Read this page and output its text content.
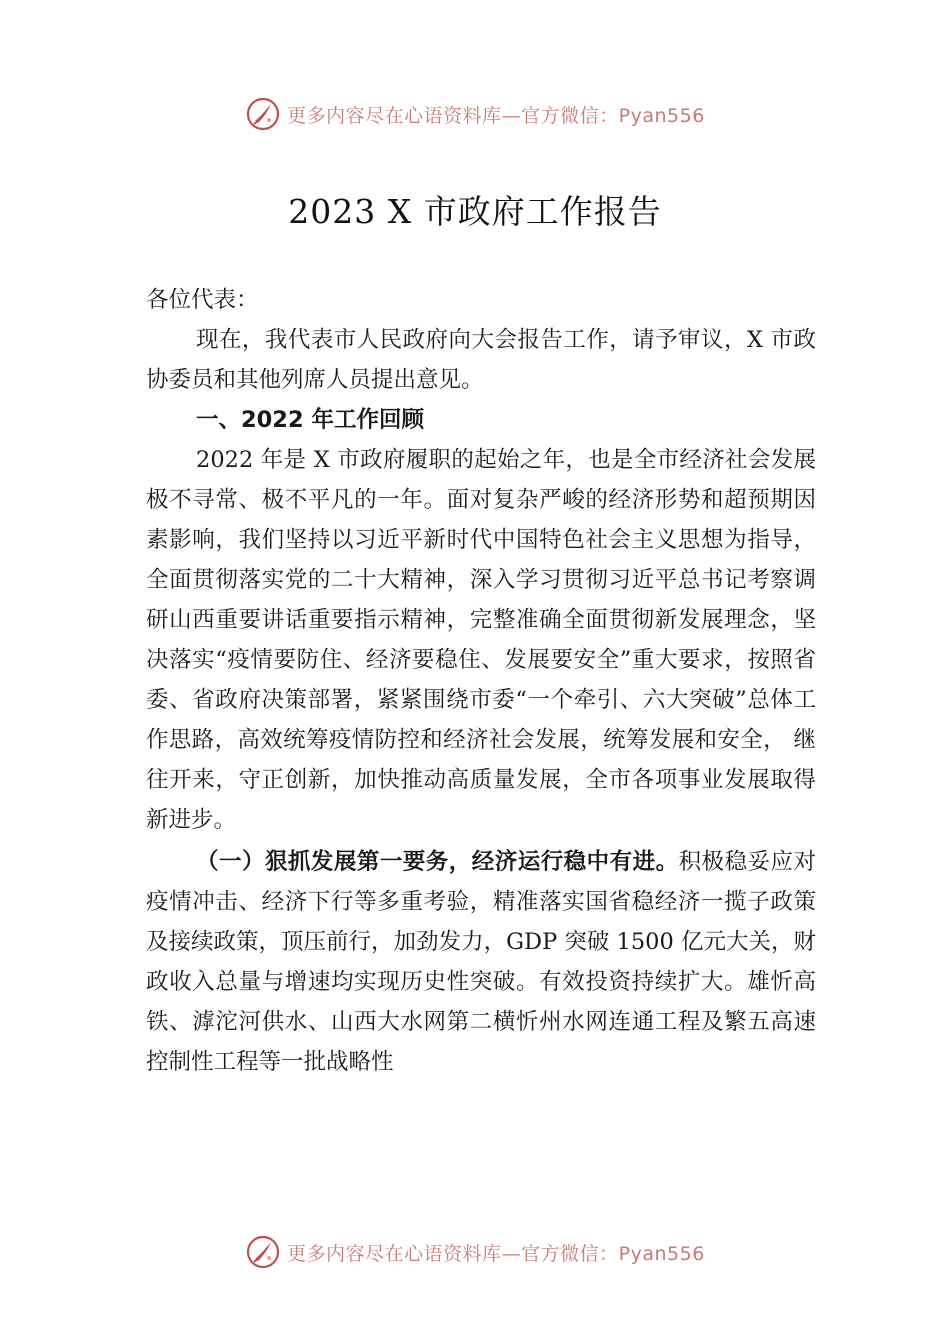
更多内容尽在心语资料库—官方微信：Pyan556
2023 X 市政府工作报告

各位代表：

现在，我代表市人民政府向大会报告工作，请予审议，X 市政协委员和其他列席人员提出意见。

一、2022 年工作回顾

2022 年是 X 市政府履职的起始之年，也是全市经济社会发展极不寻常、极不平凡的一年。面对复杂严峻的经济形势和超预期因素影响，我们坚持以习近平新时代中国特色社会主义思想为指导，全面贯彻落实党的二十大精神，深入学习贯彻习近平总书记考察调研山西重要讲话重要指示精神，完整准确全面贯彻新发展理念，坚决落实“疫情要防住、经济要稳住、发展要安全”重大要求，按照省委、省政府决策部署，紧紧围绕市委“一个牵引、六大突破”总体工作思路，高效统筹疫情防控和经济社会发展，统筹发展和安全， 继往开来，守正创新，加快推动高质量发展，全市各项事业发展取得新进步。

（一）狠抓发展第一要务，经济运行稳中有进。积极稳妥应对疫情冲击、经济下行等多重考验，精准落实国省稳经济一揽子政策及接续政策，顶压前行，加劲发力，GDP 突破 1500 亿元大关，财政收入总量与增速均实现历史性突破。有效投资持续扩大。雄忻高铁、滹沱河供水、山西大水网第二横忻州水网连通工程及繁五高速控制性工程等一批战略性

更多内容尽在心语资料库—官方微信：Pyan556
